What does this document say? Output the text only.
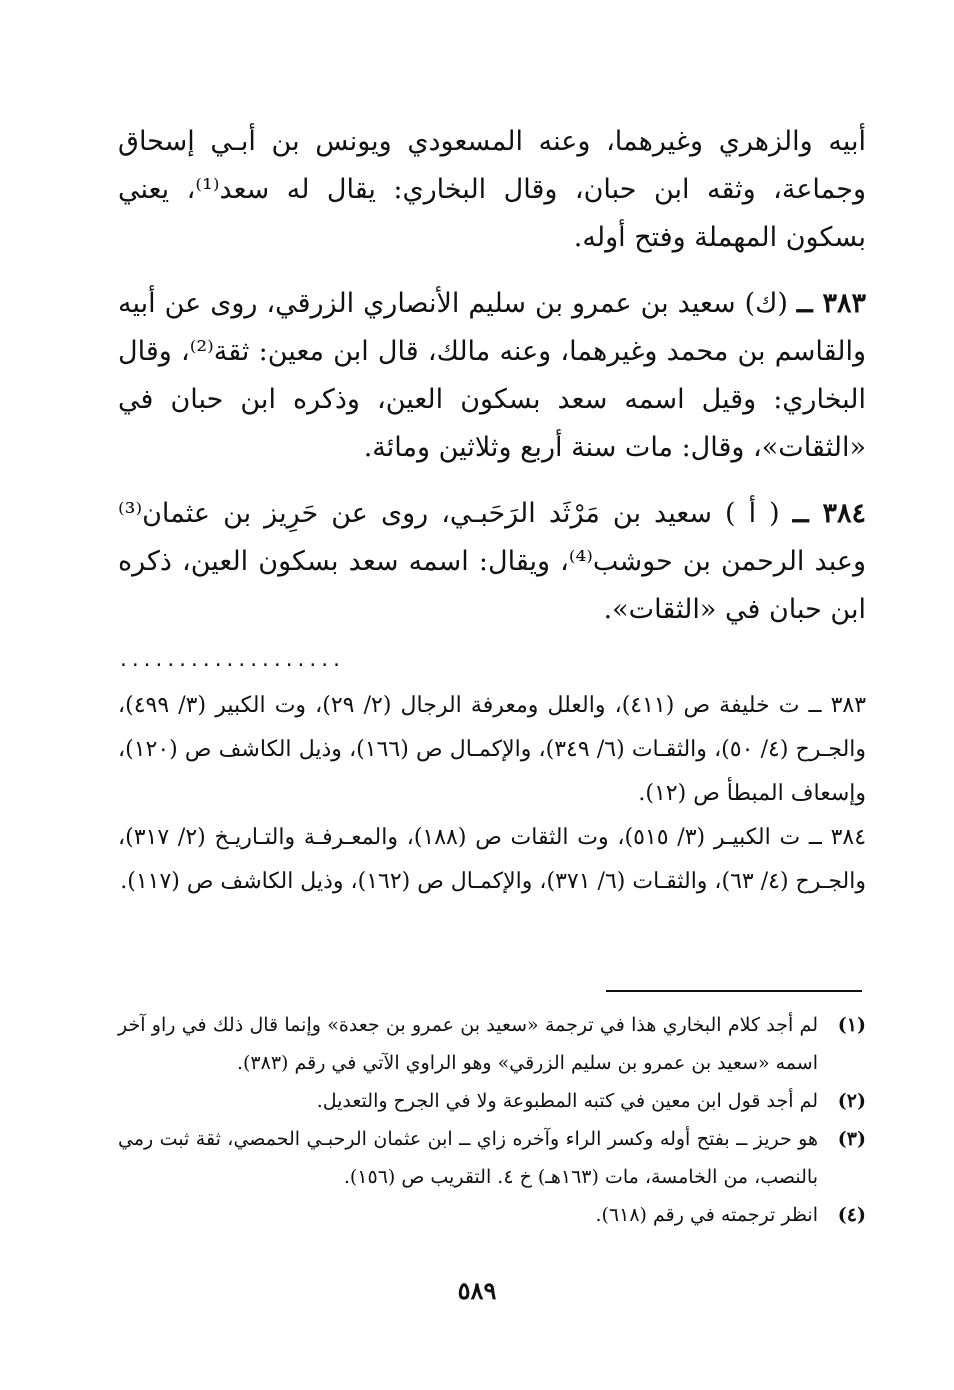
أبيه والزهري وغيرهما، وعنه المسعودي ويونس بن أبـي إسحاق وجماعة، وثقه ابن حبان، وقال البخاري: يقال له سعد⁽¹⁾، يعني بسكون المهملة وفتح أوله.

٣٨٣ ــ (ك) سعيد بن عمرو بن سليم الأنصاري الزرقي، روى عن أبيه والقاسم بن محمد وغيرهما، وعنه مالك، قال ابن معين: ثقة⁽²⁾، وقال البخاري: وقيل اسمه سعد بسكون العين، وذكره ابن حبان في «الثقات»، وقال: مات سنة أربع وثلاثين ومائة.

٣٨٤ ــ ( أ ) سعيد بن مَرْثَد الرَحَبـي، روى عن حَرِيز بن عثمان⁽³⁾ وعبد الرحمن بن حوشب⁽⁴⁾، ويقال: اسمه سعد بسكون العين، ذكره ابن حبان في «الثقات».

...................

٣٨٣ ــ ت خليفة ص (٤١١)، والعلل ومعرفة الرجال (٢/ ٢٩)، وت الكبير (٣/ ٤٩٩)، والجـرح (٤/ ٥٠)، والثقـات (٦/ ٣٤٩)، والإكمـال ص (١٦٦)، وذيل الكاشف ص (١٢٠)، وإسعاف المبطأ ص (١٢).

٣٨٤ ــ ت الكبيـر (٣/ ٥١٥)، وت الثقات ص (١٨٨)، والمعـرفـة والتـاريـخ (٢/ ٣١٧)، والجـرح (٤/ ٦٣)، والثقـات (٦/ ٣٧١)، والإكمـال ص (١٦٢)، وذيل الكاشف ص (١١٧).

(١)
لم أجد كلام البخاري هذا في ترجمة «سعيد بن عمرو بن جعدة» وإنما قال ذلك في راو آخر اسمه «سعيد بن عمرو بن سليم الزرقي» وهو الراوي الآتي في رقم (٣٨٣).
(٢)
لم أجد قول ابن معين في كتبه المطبوعة ولا في الجرح والتعديل.
(٣)
هو حريز ــ بفتح أوله وكسر الراء وآخره زاي ــ ابن عثمان الرحبـي الحمصي، ثقة ثبت رمي بالنصب، من الخامسة، مات (١٦٣هـ) خ ٤. التقريب ص (١٥٦).
(٤)
انظر ترجمته في رقم (٦١٨).
٥٨٩
